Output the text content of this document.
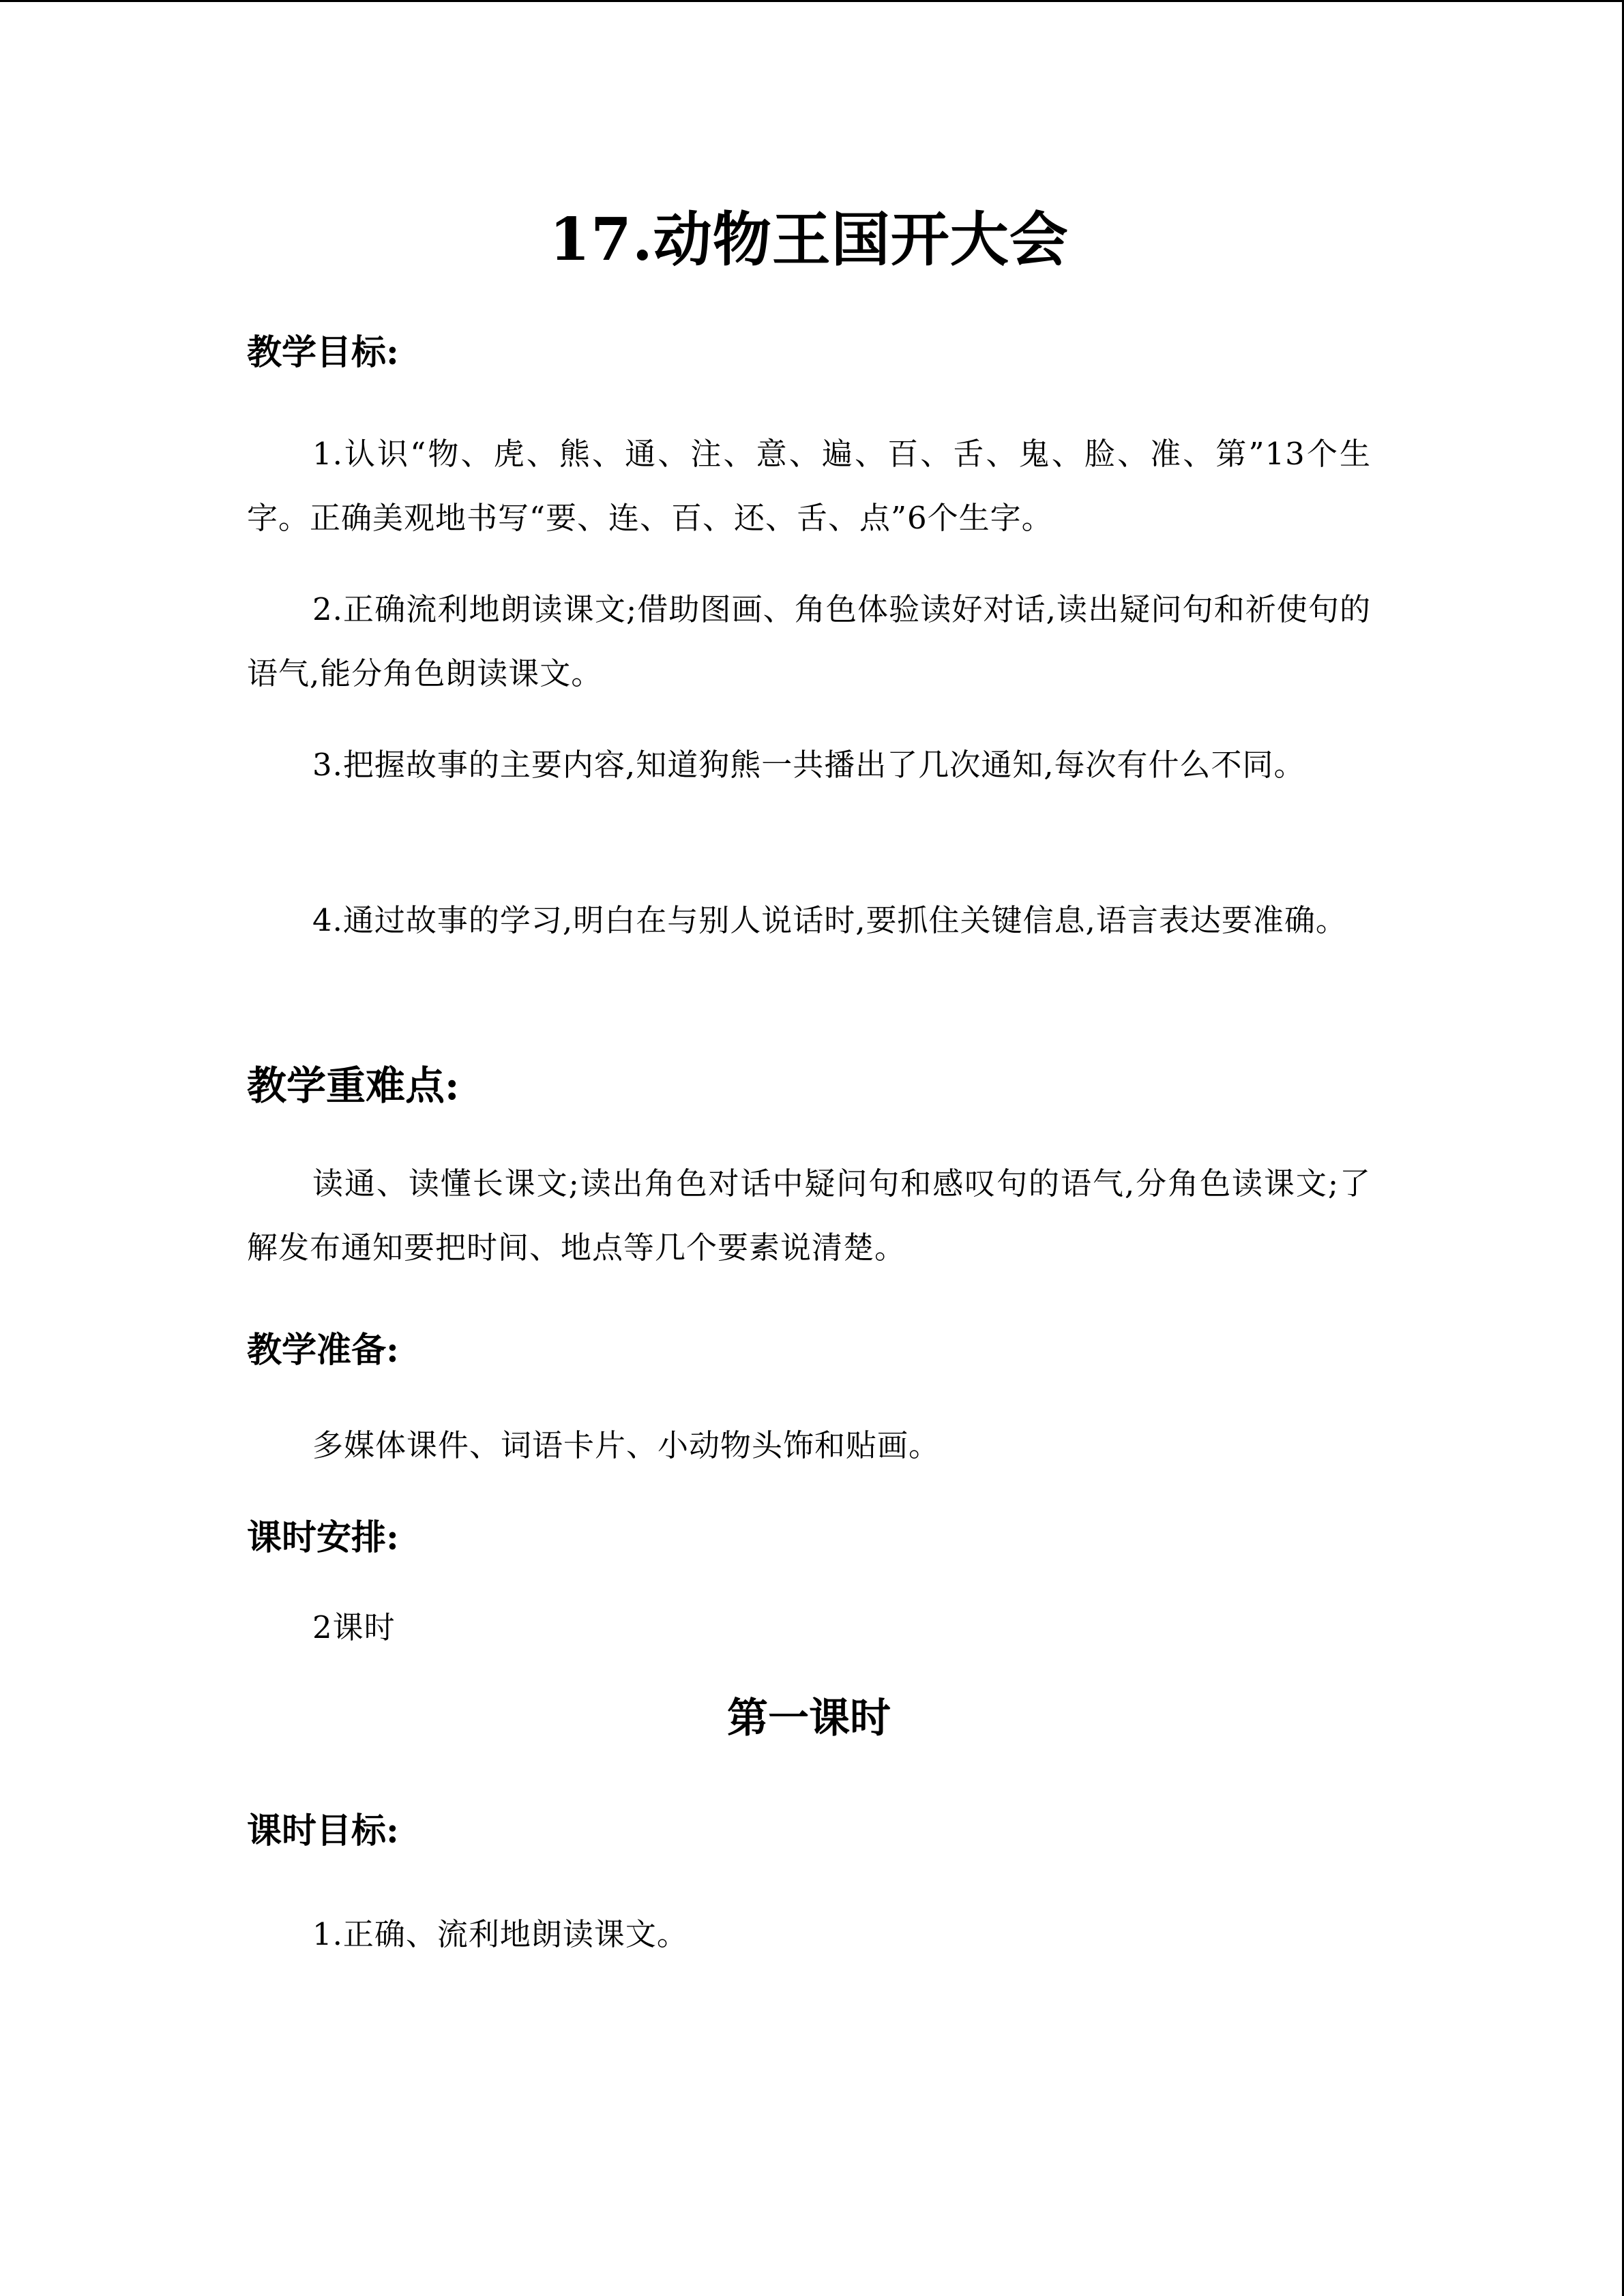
17.动物王国开大会
教学目标:
1.认识“物、虎、熊、通、注、意、遍、百、舌、鬼、脸、准、第”13个生字。正确美观地书写“要、连、百、还、舌、点”6个生字。
2.正确流利地朗读课文;借助图画、角色体验读好对话,读出疑问句和祈使句的语气,能分角色朗读课文。
3.把握故事的主要内容,知道狗熊一共播出了几次通知,每次有什么不同。
4.通过故事的学习,明白在与别人说话时,要抓住关键信息,语言表达要准确。
教学重难点:
读通、读懂长课文;读出角色对话中疑问句和感叹句的语气,分角色读课文;了解发布通知要把时间、地点等几个要素说清楚。
教学准备:
多媒体课件、词语卡片、小动物头饰和贴画。
课时安排:
2课时
第一课时
课时目标:
1.正确、流利地朗读课文。
